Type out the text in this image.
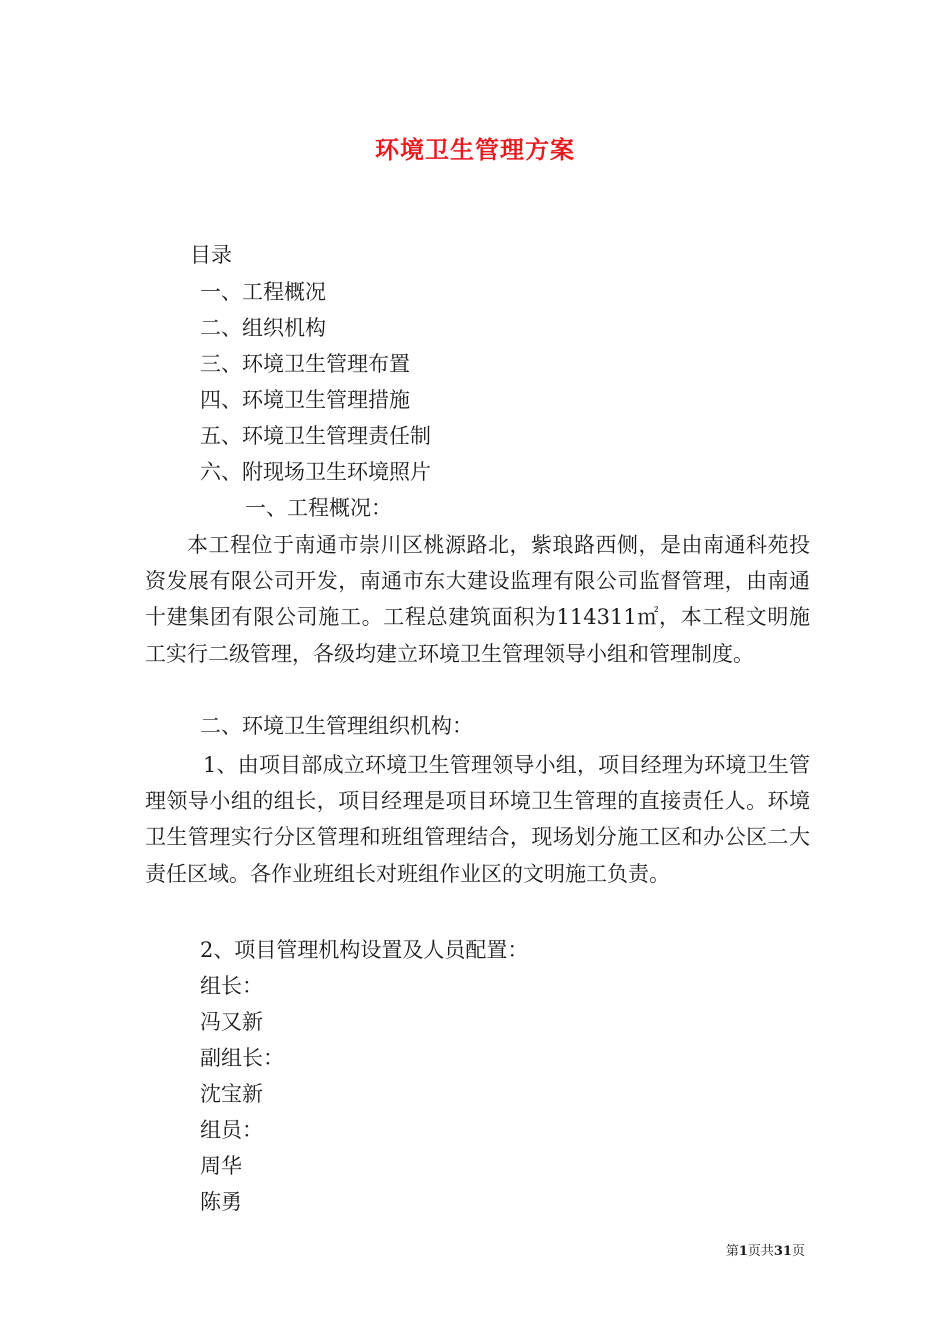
环境卫生管理方案
目录
一、工程概况
二、组织机构
三、环境卫生管理布置
四、环境卫生管理措施
五、环境卫生管理责任制
六、附现场卫生环境照片
一、工程概况：
本工程位于南通市崇川区桃源路北，紫琅路西侧，是由南通科苑投资发展有限公司开发，南通市东大建设监理有限公司监督管理，由南通十建集团有限公司施工。工程总建筑面积为114311㎡，本工程文明施工实行二级管理，各级均建立环境卫生管理领导小组和管理制度。
二、环境卫生管理组织机构：
1、由项目部成立环境卫生管理领导小组，项目经理为环境卫生管理领导小组的组长，项目经理是项目环境卫生管理的直接责任人。环境卫生管理实行分区管理和班组管理结合，现场划分施工区和办公区二大责任区域。各作业班组长对班组作业区的文明施工负责。
2、项目管理机构设置及人员配置：
组长：
冯又新
副组长：
沈宝新
组员：
周华
陈勇
第1页共31页
